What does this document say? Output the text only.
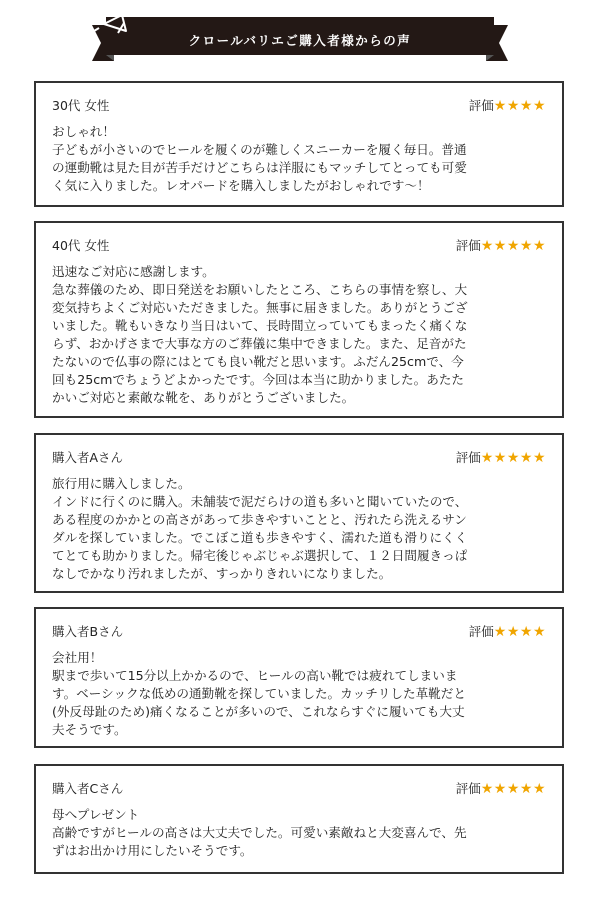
クロールバリエご購入者様からの声
30代 女性	評価★★★★

おしゃれ！

子どもが小さいのでヒールを履くのが難しくスニーカーを履く毎日。普通

の運動靴は見た目が苦手だけどこちらは洋服にもマッチしてとっても可愛

く気に入りました。レオパードを購入しましたがおしゃれです～！

40代 女性	評価★★★★★

迅速なご対応に感謝します。

急な葬儀のため、即日発送をお願いしたところ、こちらの事情を察し、大

変気持ちよくご対応いただきました。無事に届きました。ありがとうござ

いました。靴もいきなり当日はいて、長時間立っていてもまったく痛くな

らず、おかげさまで大事な方のご葬儀に集中できました。また、足音がた

たないので仏事の際にはとても良い靴だと思います。ふだん25cmで、今

回も25cmでちょうどよかったです。今回は本当に助かりました。あたた

かいご対応と素敵な靴を、ありがとうございました。

購入者Aさん	評価★★★★★

旅行用に購入しました。

インドに行くのに購入。未舗装で泥だらけの道も多いと聞いていたので、

ある程度のかかとの高さがあって歩きやすいことと、汚れたら洗えるサン

ダルを探していました。でこぼこ道も歩きやすく、濡れた道も滑りにくく

てとても助かりました。帰宅後じゃぶじゃぶ選択して、１２日間履きっぱ

なしでかなり汚れましたが、すっかりきれいになりました。

購入者Bさん	評価★★★★

会社用！

駅まで歩いて15分以上かかるので、ヒールの高い靴では疲れてしまいま

す。ベーシックな低めの通勤靴を探していました。カッチリした革靴だと

(外反母趾のため)痛くなることが多いので、これならすぐに履いても大丈

夫そうです。

購入者Cさん	評価★★★★★

母へプレゼント

高齢ですがヒールの高さは大丈夫でした。可愛い素敵ねと大変喜んで、先

ずはお出かけ用にしたいそうです。
